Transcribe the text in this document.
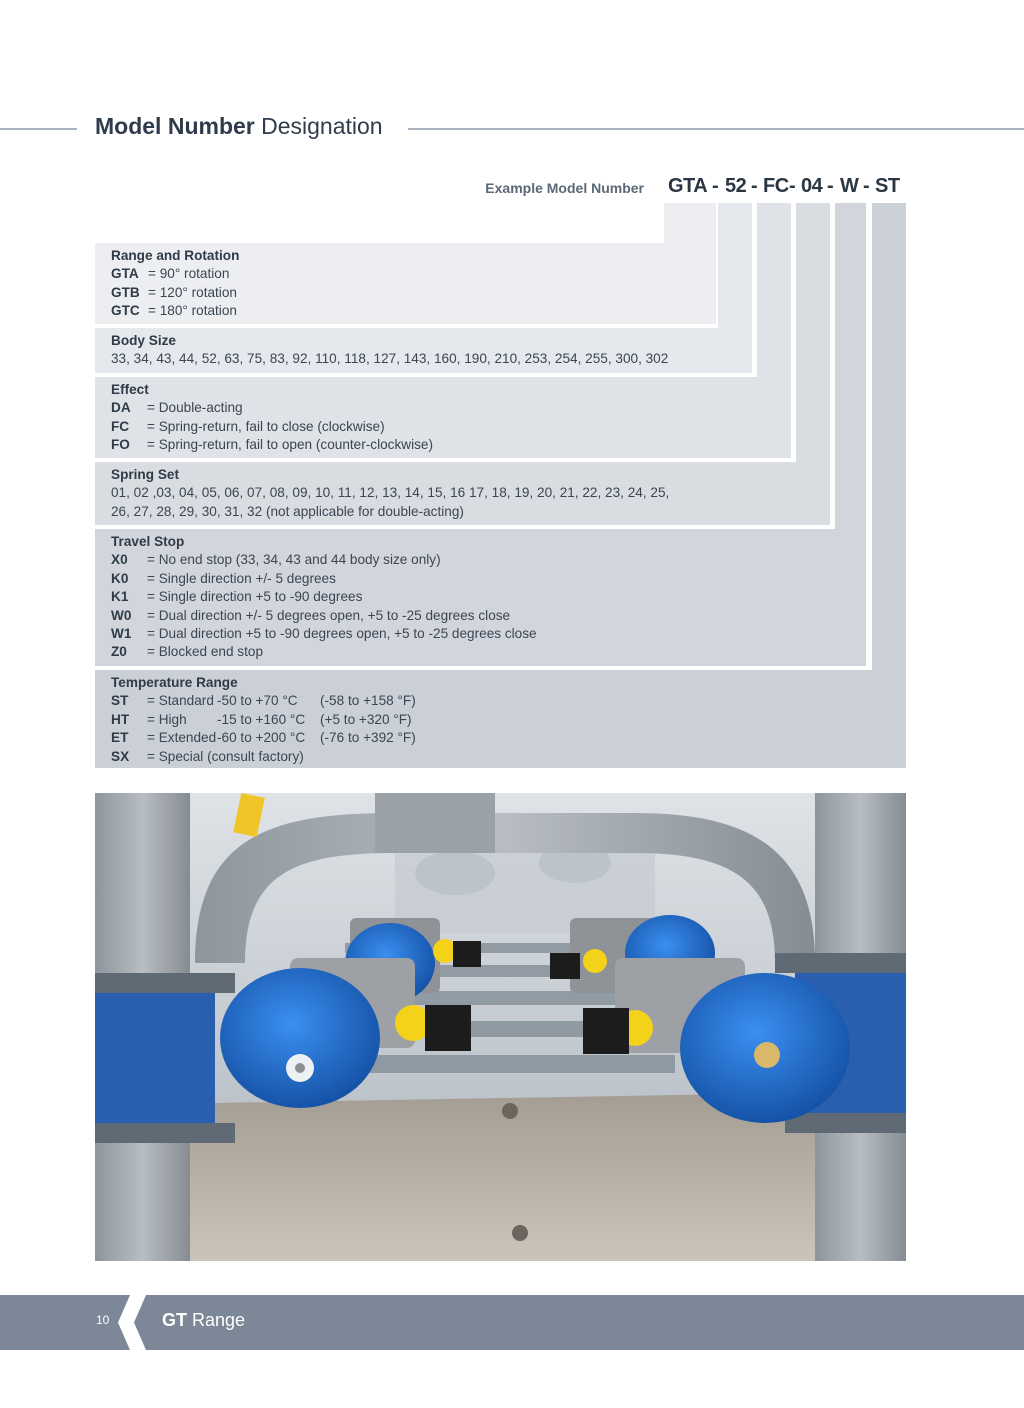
Model Number Designation
Example Model Number GTA - 52 - FC - 04 - W - ST
Range and Rotation
GTA = 90° rotation
GTB = 120° rotation
GTC = 180° rotation
Body Size
33, 34, 43, 44, 52, 63, 75, 83, 92, 110, 118, 127, 143, 160, 190, 210, 253, 254, 255, 300, 302
Effect
DA	= Double-acting
FC	= Spring-return, fail to close (clockwise)
FO	= Spring-return, fail to open (counter-clockwise)
Spring Set
01, 02 ,03, 04, 05, 06, 07, 08, 09, 10, 11, 12, 13, 14, 15, 16 17, 18, 19, 20, 21, 22, 23, 24, 25,
26, 27, 28, 29, 30, 31, 32 (not applicable for double-acting)
Travel Stop
X0	= No end stop (33, 34, 43 and 44 body size only)
K0	= Single direction +/- 5 degrees
K1	= Single direction +5 to -90 degrees
W0	= Dual direction +/- 5 degrees open, +5 to -25 degrees close
W1	= Dual direction +5 to -90 degrees open, +5 to -25 degrees close
Z0	= Blocked end stop
Temperature Range
ST	= Standard -50 to +70 °C	(-58 to +158 °F)
HT	= High	-15 to +160 °C	(+5 to +320 °F)
ET	= Extended -60 to +200 °C	(-76 to +392 °F)
SX	= Special (consult factory)
10	GT Range
